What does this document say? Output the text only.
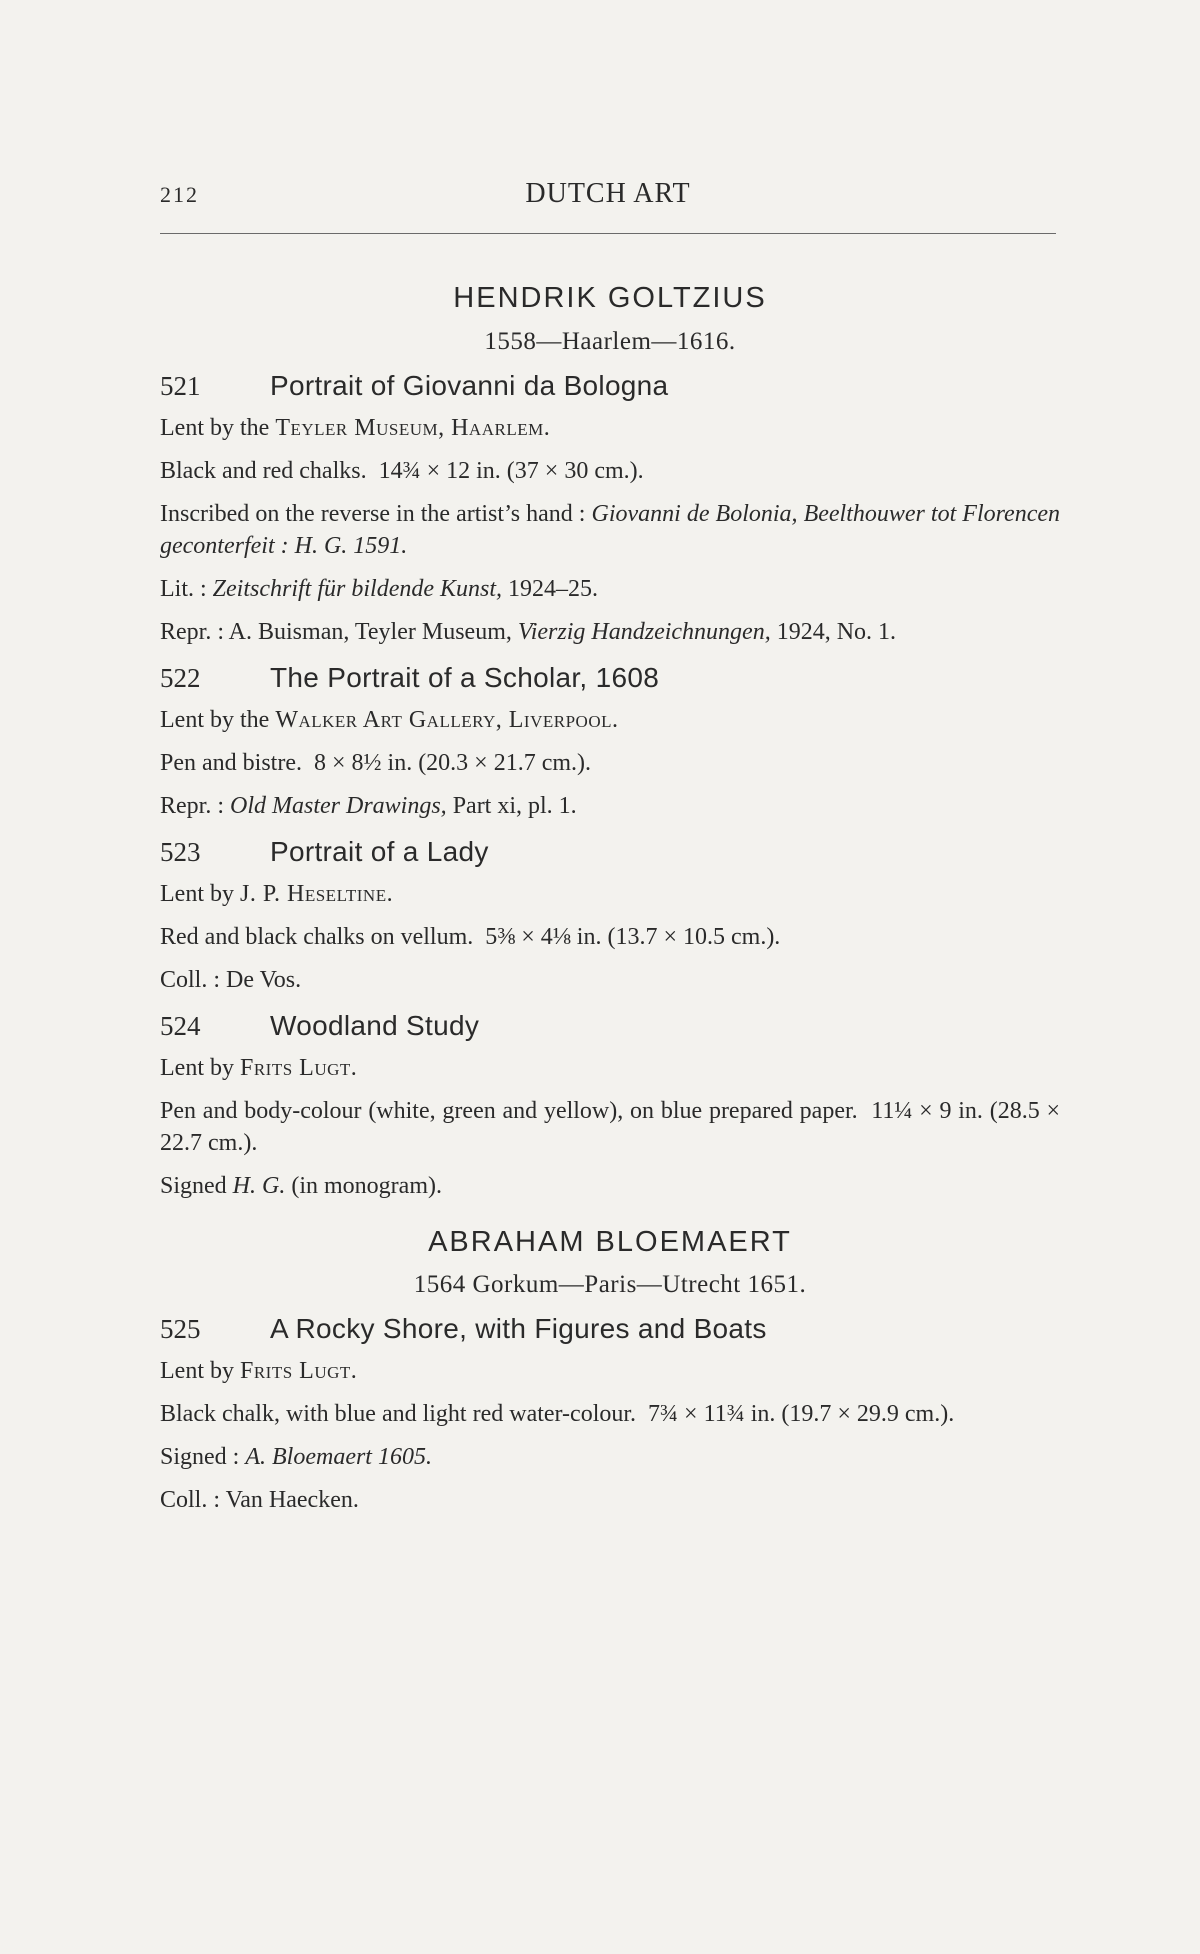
212	DUTCH ART
HENDRIK GOLTZIUS
1558—Haarlem—1616.
521	Portrait of Giovanni da Bologna

Lent by the Teyler Museum, Haarlem.

Black and red chalks. 14¾ × 12 in. (37 × 30 cm.).

Inscribed on the reverse in the artist’s hand : Giovanni de Bolonia, Beelthouwer tot Florencen geconterfeit : H. G. 1591.

Lit. : Zeitschrift für bildende Kunst, 1924–25.

Repr. : A. Buisman, Teyler Museum, Vierzig Handzeichnungen, 1924, No. 1.

522	The Portrait of a Scholar, 1608

Lent by the Walker Art Gallery, Liverpool.

Pen and bistre. 8 × 8½ in. (20.3 × 21.7 cm.).

Repr. : Old Master Drawings, Part xi, pl. 1.

523	Portrait of a Lady

Lent by J. P. Heseltine.

Red and black chalks on vellum. 5⅜ × 4⅛ in. (13.7 × 10.5 cm.).

Coll. : De Vos.

524	Woodland Study

Lent by Frits Lugt.

Pen and body-colour (white, green and yellow), on blue prepared paper. 11¼ × 9 in. (28.5 × 22.7 cm.).

Signed H. G. (in monogram).

ABRAHAM BLOEMAERT
1564 Gorkum—Paris—Utrecht 1651.
525	A Rocky Shore, with Figures and Boats

Lent by Frits Lugt.

Black chalk, with blue and light red water-colour. 7¾ × 11¾ in. (19.7 × 29.9 cm.).

Signed : A. Bloemaert 1605.

Coll. : Van Haecken.
